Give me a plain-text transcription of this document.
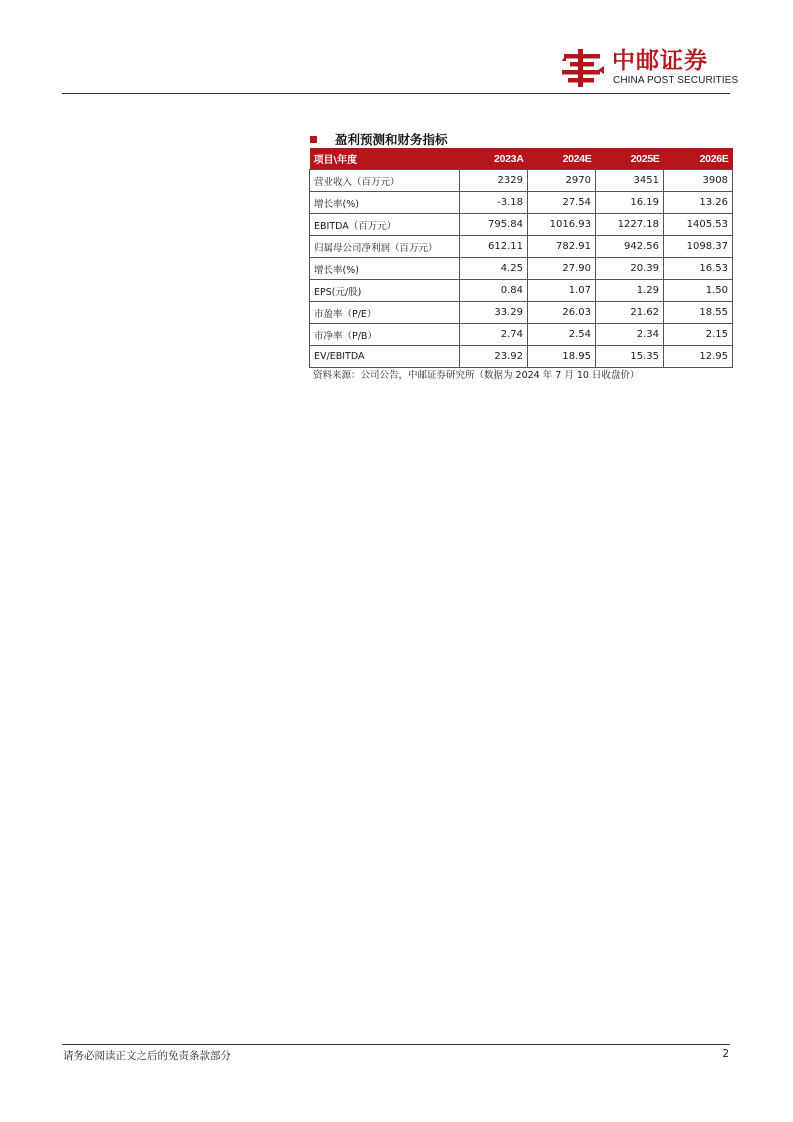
中邮证券
CHINA POST SECURITIES
盈利预测和财务指标
项目\年度	2023A	2024E	2025E	2026E
营业收入（百万元）	2329	2970	3451	3908
增长率(%)	-3.18	27.54	16.19	13.26
EBITDA（百万元）	795.84	1016.93	1227.18	1405.53
归属母公司净利润（百万元）	612.11	782.91	942.56	1098.37
增长率(%)	4.25	27.90	20.39	16.53
EPS(元/股)	0.84	1.07	1.29	1.50
市盈率（P/E）	33.29	26.03	21.62	18.55
市净率（P/B）	2.74	2.54	2.34	2.15
EV/EBITDA	23.92	18.95	15.35	12.95
资料来源：公司公告，中邮证券研究所（数据为 2024 年 7 月 10 日收盘价）
请务必阅读正文之后的免责条款部分	2
